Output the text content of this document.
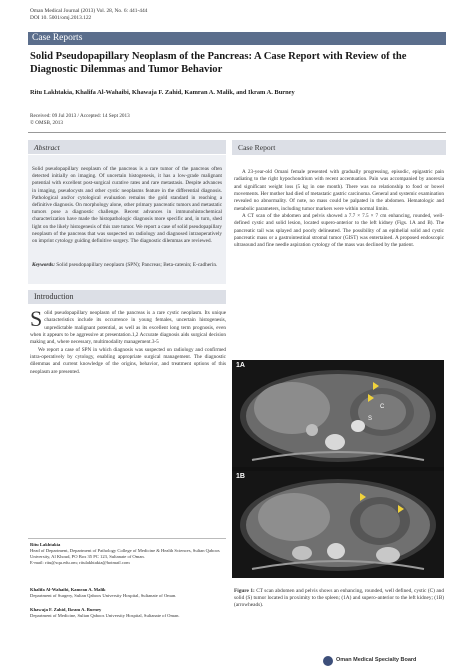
Oman Medical Journal (2013) Vol. 28, No. 6: 441-444
DOI 10. 5001/omj.2013.122
Case Reports
Solid Pseudopapillary Neoplasm of the Pancreas: A Case Report with Review of the Diagnostic Dilemmas and Tumor Behavior
Ritu Lakhtakia, Khalifa Al-Wahaibi, Khawaja F. Zahid, Kamran A. Malik, and Ikram A. Burney
Received: 09 Jul 2013 / Accepted: 14 Sept 2013
© OMSB, 2013
Abstract
Solid pseudopapillary neoplasm of the pancreas is a rare tumor of the pancreas often detected initially on imaging. Of uncertain histogenesis, it has a low-grade malignant potential with excellent post-surgical curative rates and rare metastasis. Despite advances in imaging, pseudocysts and other cystic neoplasms feature in the differential diagnosis. Pathological and/or cytological evaluation remains the gold standard in reaching a definitive diagnosis. On morphology alone, other primary pancreatic tumors and metastatic tumors pose a diagnostic challenge. Recent advances in immunohistochemical characterization have made the histopathologic diagnosis more specific and, in turn, shed light on the likely histogenesis of this rare tumor. We report a case of solid pseudopapillary neoplasm of the pancreas that was suspected on radiology and diagnosed intraoperatively on imprint cytology guiding definitive surgery. The diagnostic dilemmas are reviewed.
Keywords: Solid pseudopapillary neoplasm (SPN); Pancreas; Beta-catenin; E-cadherin.
Introduction
S olid pseudopapillary neoplasm of the pancreas is a rare cystic neoplasm. Its unique characteristics include its occurrence in young females, uncertain histogenesis, unpredictable malignant potential, as well as its excellent long term prognosis, even when it appears to be aggressive at presentation.1,2 Accurate diagnosis aids surgical decision making and, where necessary, multimodality management.3-5
We report a case of SPN in which diagnosis was suspected on radiology and confirmed intra-operatively by cytology, enabling appropriate surgical management. The diagnostic dilemmas and current knowledge of the origins, behavior, and treatment options of this neoplasm are presented.
Ritu Lakhtakia
Head of Department, Department of Pathology College of Medicine & Health Sciences, Sultan Qaboos University, Al Khoud, PO Box 35 PC 123, Sultanate of Oman.
E-mail: ritu@squ.edu.om; ritulakhtakia@hotmail.com
Khalifa Al-Wahaibi, Kamran A. Malik
Department of Surgery, Sultan Qaboos University Hospital, Sultanate of Oman.
Khawaja F. Zahid, Ikram A. Burney
Department of Medicine, Sultan Qaboos University Hospital, Sultanate of Oman.
Case Report
A 23-year-old Omani female presented with gradually progressing, episodic, epigastric pain radiating to the right hypochondrium with recent accentuation. Pain was accompanied by anorexia and significant weight loss (5 kg in one month). There was no relationship to food or bowel movements. Her mother had died of metastatic gastric carcinoma. General and systemic examination revealed no abnormality. Of note, no mass could be palpated in the abdomen. Hematologic and metabolic parameters, including tumor markers were within normal limits.
A CT scan of the abdomen and pelvis showed a 7.7 × 7.5 × 7 cm enhancing, rounded, well-defined cystic and solid lesion, located supero-anterior to the left kidney (Figs. 1A and B). The pancreatic tail was splayed and poorly delineated. The possibility of an epithelial solid and cystic pancreatic mass or a gastrointestinal stromal tumor (GIST) was entertained. A proposed endoscopic ultrasound and fine needle aspiration cytology of the mass was declined by the patient.
1A
C
S
1B
Figure 1: CT scan abdomen and pelvis shows an enhancing, rounded, well defined, cystic (C) and solid (S) tumor located in proximity to the spleen; (1A) and supero-anterior to the left kidney; (1B) (arrowheads).
Oman Medical Specialty Board
